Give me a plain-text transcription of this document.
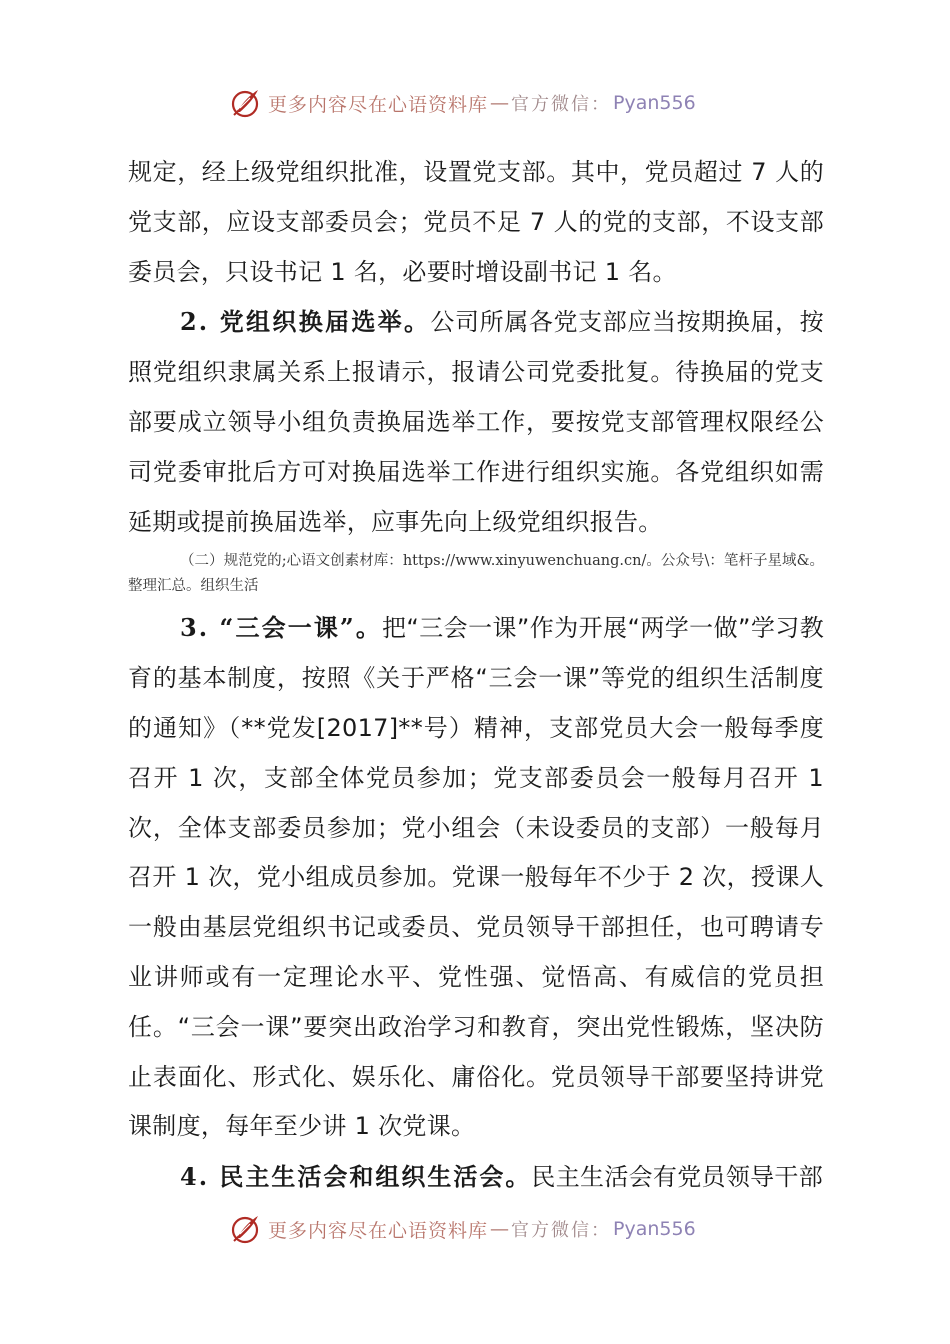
更多内容尽在心语资料库 — 官方微信： Pyan556

规定，经上级党组织批准，设置党支部。其中，党员超过 7 人的党支部，应设支部委员会；党员不足 7 人的党的支部，不设支部委员会，只设书记 1 名，必要时增设副书记 1 名。

2. 党组织换届选举。公司所属各党支部应当按期换届，按照党组织隶属关系上报请示，报请公司党委批复。待换届的党支部要成立领导小组负责换届选举工作，要按党支部管理权限经公司党委审批后方可对换届选举工作进行组织实施。各党组织如需延期或提前换届选举，应事先向上级党组织报告。

（二）规范党的;心语文创素材库：https://www.xinyuwenchuang.cn/。公众号\：笔杆子星域&。整理汇总。组织生活

3. “三会一课”。把“三会一课”作为开展“两学一做”学习教育的基本制度，按照《关于严格“三会一课”等党的组织生活制度的通知》（**党发[2017]**号）精神，支部党员大会一般每季度召开 1 次，支部全体党员参加；党支部委员会一般每月召开 1 次，全体支部委员参加；党小组会（未设委员的支部）一般每月召开 1 次，党小组成员参加。党课一般每年不少于 2 次，授课人一般由基层党组织书记或委员、党员领导干部担任，也可聘请专业讲师或有一定理论水平、党性强、觉悟高、有威信的党员担任。“三会一课”要突出政治学习和教育，突出党性锻炼，坚决防止表面化、形式化、娱乐化、庸俗化。党员领导干部要坚持讲党课制度，每年至少讲 1 次党课。

4. 民主生活会和组织生活会。民主生活会有党员领导干部

更多内容尽在心语资料库 — 官方微信： Pyan556
